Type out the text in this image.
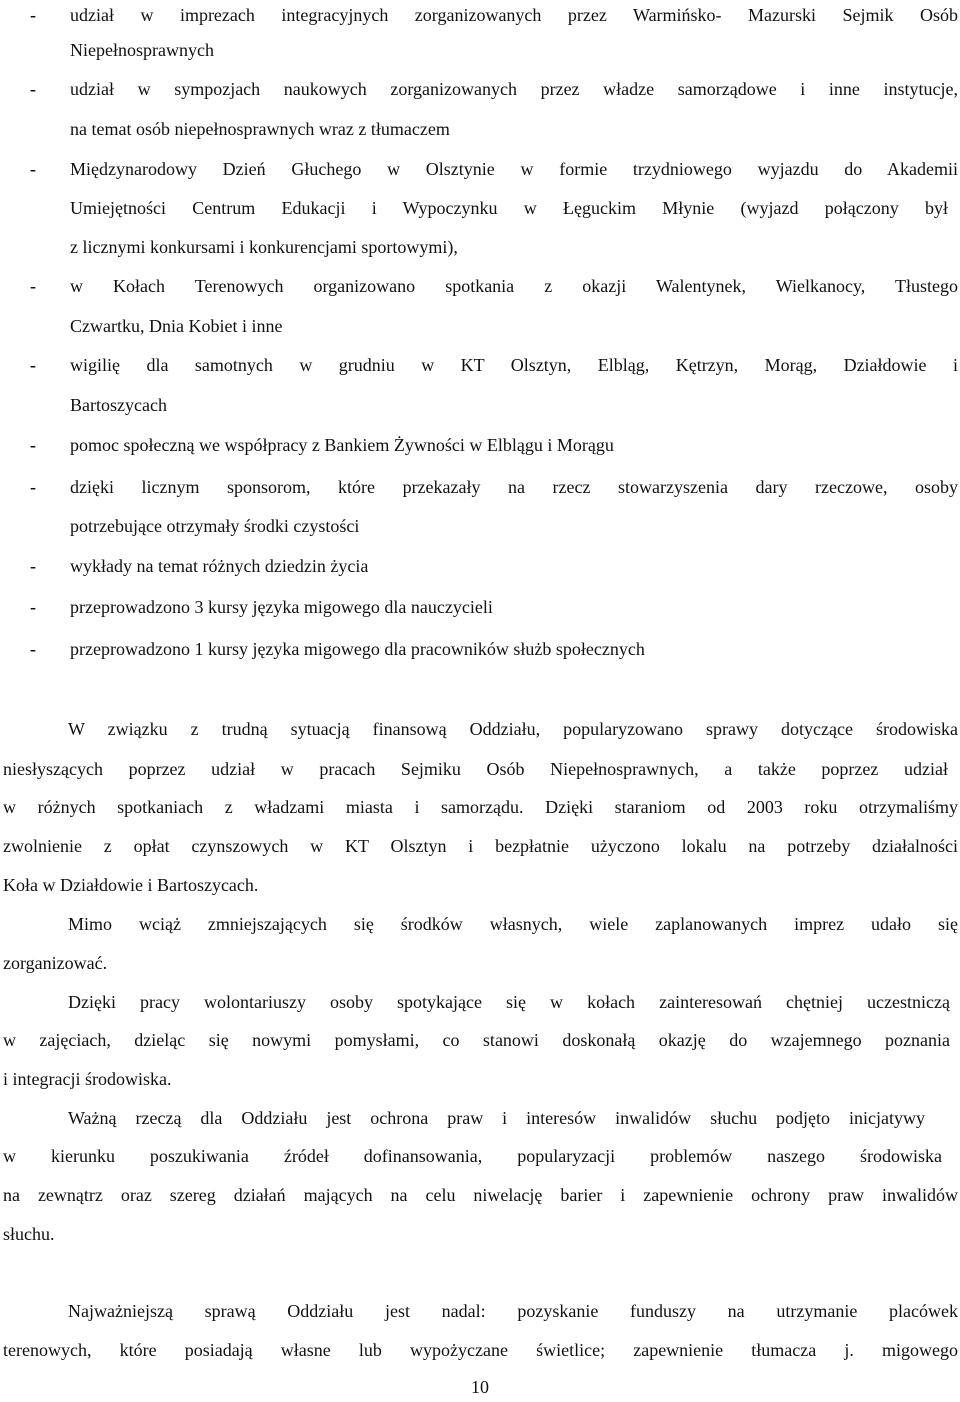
-	udział w imprezach integracyjnych zorganizowanych przez Warmińsko- Mazurski Sejmik Osób
Niepełnosprawnych
-	udział w sympozjach naukowych zorganizowanych przez władze samorządowe i inne instytucje,
na temat osób niepełnosprawnych wraz z tłumaczem
-	Międzynarodowy Dzień Głuchego w Olsztynie w formie trzydniowego wyjazdu do Akademii
Umiejętności Centrum Edukacji i Wypoczynku w Łęguckim Młynie (wyjazd połączony był
z licznymi konkursami i konkurencjami sportowymi),
-	w Kołach Terenowych organizowano spotkania z okazji Walentynek, Wielkanocy, Tłustego
Czwartku, Dnia Kobiet i inne
-	wigilię dla samotnych w grudniu w KT Olsztyn, Elbląg, Kętrzyn, Morąg, Działdowie i
Bartoszycach
-	pomoc społeczną we współpracy z Bankiem Żywności w Elblągu i Morągu
-	dzięki licznym sponsorom, które przekazały na rzecz stowarzyszenia dary rzeczowe, osoby
potrzebujące otrzymały środki czystości
-	wykłady na temat różnych dziedzin życia
-	przeprowadzono 3 kursy języka migowego dla nauczycieli
-	przeprowadzono 1 kursy języka migowego dla pracowników służb społecznych
W związku z trudną sytuacją finansową Oddziału, popularyzowano sprawy dotyczące środowiska
niesłyszących poprzez udział w pracach Sejmiku Osób Niepełnosprawnych, a także poprzez udział
w różnych spotkaniach z władzami miasta i samorządu. Dzięki staraniom od 2003 roku otrzymaliśmy
zwolnienie z opłat czynszowych w KT Olsztyn i bezpłatnie użyczono lokalu na potrzeby działalności
Koła w Działdowie i Bartoszycach.
Mimo wciąż zmniejszających się środków własnych, wiele zaplanowanych imprez udało się
zorganizować.
Dzięki pracy wolontariuszy osoby spotykające się w kołach zainteresowań chętniej uczestniczą
w zajęciach, dzieląc się nowymi pomysłami, co stanowi doskonałą okazję do wzajemnego poznania
i integracji środowiska.
Ważną rzeczą dla Oddziału jest ochrona praw i interesów inwalidów słuchu podjęto inicjatywy
w kierunku poszukiwania źródeł dofinansowania, popularyzacji problemów naszego środowiska
na zewnątrz oraz szereg działań mających na celu niwelację barier i zapewnienie ochrony praw inwalidów
słuchu.
Najważniejszą sprawą Oddziału jest nadal: pozyskanie funduszy na utrzymanie placówek
terenowych, które posiadają własne lub wypożyczane świetlice; zapewnienie tłumacza j. migowego
10
